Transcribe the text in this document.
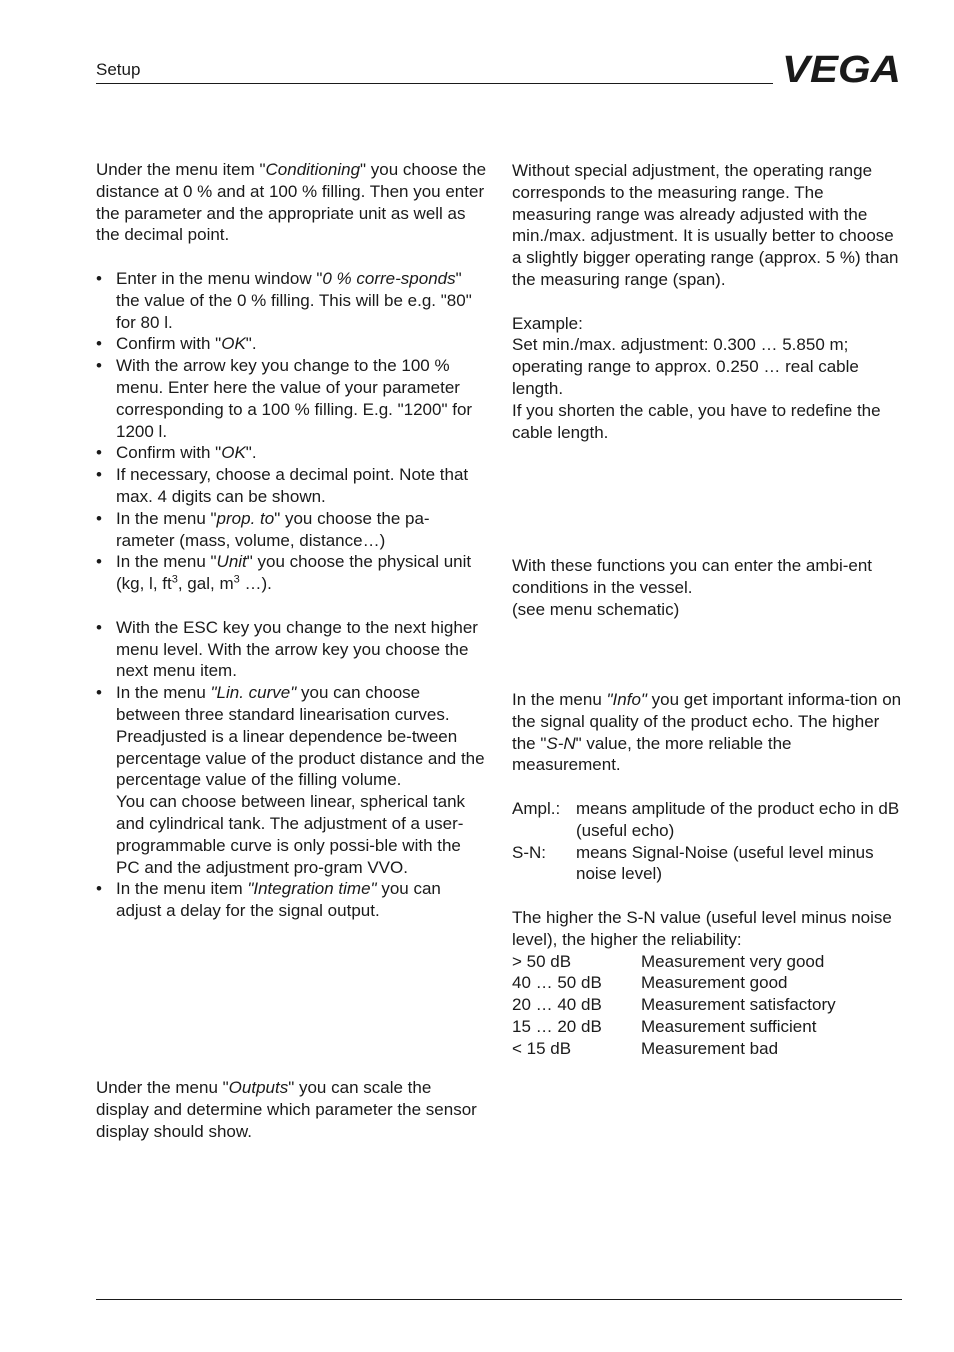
Setup	VEGA

Under the menu item "Conditioning" you choose the distance at 0 % and at 100 % filling. Then you enter the parameter and the appropriate unit as well as the decimal point.

• Enter in the menu window "0 % corre-sponds" the value of the 0 % filling. This will be e.g. "80" for 80 l.
• Confirm with "OK".
• With the arrow key you change to the 100 % menu. Enter here the value of your parameter corresponding to a 100 % filling. E.g. "1200" for 1200 l.
• Confirm with "OK".
• If necessary, choose a decimal point. Note that max. 4 digits can be shown.
• In the menu "prop. to" you choose the pa-rameter (mass, volume, distance…)
• In the menu "Unit" you choose the physical unit (kg, l, $ft^3$, gal, $m^3$ …).

• With the ESC key you change to the next higher menu level. With the arrow key you choose the next menu item.

• In the menu "Lin. curve" you can choose between three standard linearisation curves.

Preadjusted is a linear dependence be-tween percentage value of the product distance and the percentage value of the filling volume.

You can choose between linear, spherical tank and cylindrical tank. The adjustment of a user-programmable curve is only possi-ble with the PC and the adjustment pro-gram VVO.

• In the menu item "Integration time" you can adjust a delay for the signal output.

Under the menu "Outputs" you can scale the display and determine which parameter the sensor display should show.

Without special adjustment, the operating range corresponds to the measuring range. The measuring range was already adjusted with the min./max. adjustment. It is usually better to choose a slightly bigger operating range (approx. 5 %) than the measuring range (span).

Example:

Set min./max. adjustment: 0.300 … 5.850 m; operating range to approx. 0.250 … real cable length.

If you shorten the cable, you have to redefine the cable length.

With these functions you can enter the ambi-ent conditions in the vessel.

(see menu schematic)

In the menu "Info" you get important informa-tion on the signal quality of the product echo. The higher the "S-N" value, the more reliable the measurement.

Ampl.: means amplitude of the product echo in dB (useful echo)
S-N:	means Signal-Noise (useful level minus noise level)

The higher the S-N value (useful level minus noise level), the higher the reliability:

> 50 dB	Measurement very good
40 … 50 dB	Measurement good
20 … 40 dB	Measurement satisfactory
15 … 20 dB	Measurement sufficient
< 15 dB	Measurement bad
